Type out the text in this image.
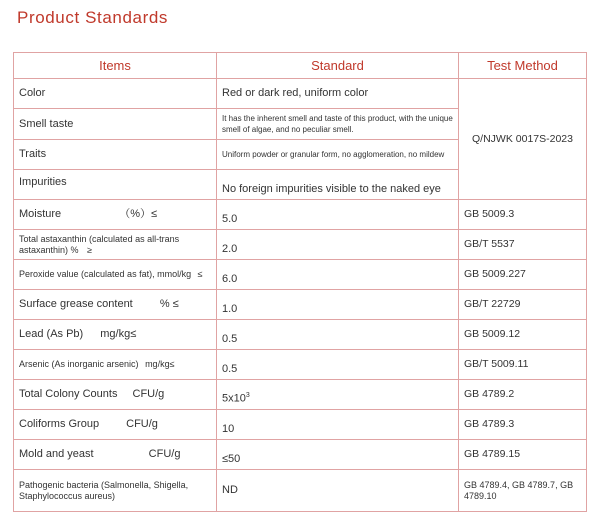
Product Standards
Items	Standard	Test Method
Color	Red or dark red, uniform color	Q/NJWK 0017S-2023
Smell taste	It has the inherent smell and taste of this product, with the unique smell of algae, and no peculiar smell.	
Traits	Uniform powder or granular form, no agglomeration, no mildew	
Impurities	No foreign impurities visible to the naked eye	
Moisture （%）≤	5.0	GB 5009.3
Total astaxanthin (calculated as all-trans astaxanthin) % ≥	2.0	GB/T 5537
Peroxide value (calculated as fat), mmol/kg ≤	6.0	GB 5009.227
Surface grease content % ≤	1.0	GB/T 22729
Lead (As Pb) mg/kg≤	0.5	GB 5009.12
Arsenic (As inorganic arsenic) mg/kg≤	0.5	GB/T 5009.11
Total Colony Counts CFU/g	$5x10^3$	GB 4789.2
Coliforms Group CFU/g	10	GB 4789.3
Mold and yeast CFU/g	≤50	GB 4789.15
Pathogenic bacteria (Salmonella, Shigella, Staphylococcus aureus)	ND	GB 4789.4, GB 4789.7, GB 4789.10
